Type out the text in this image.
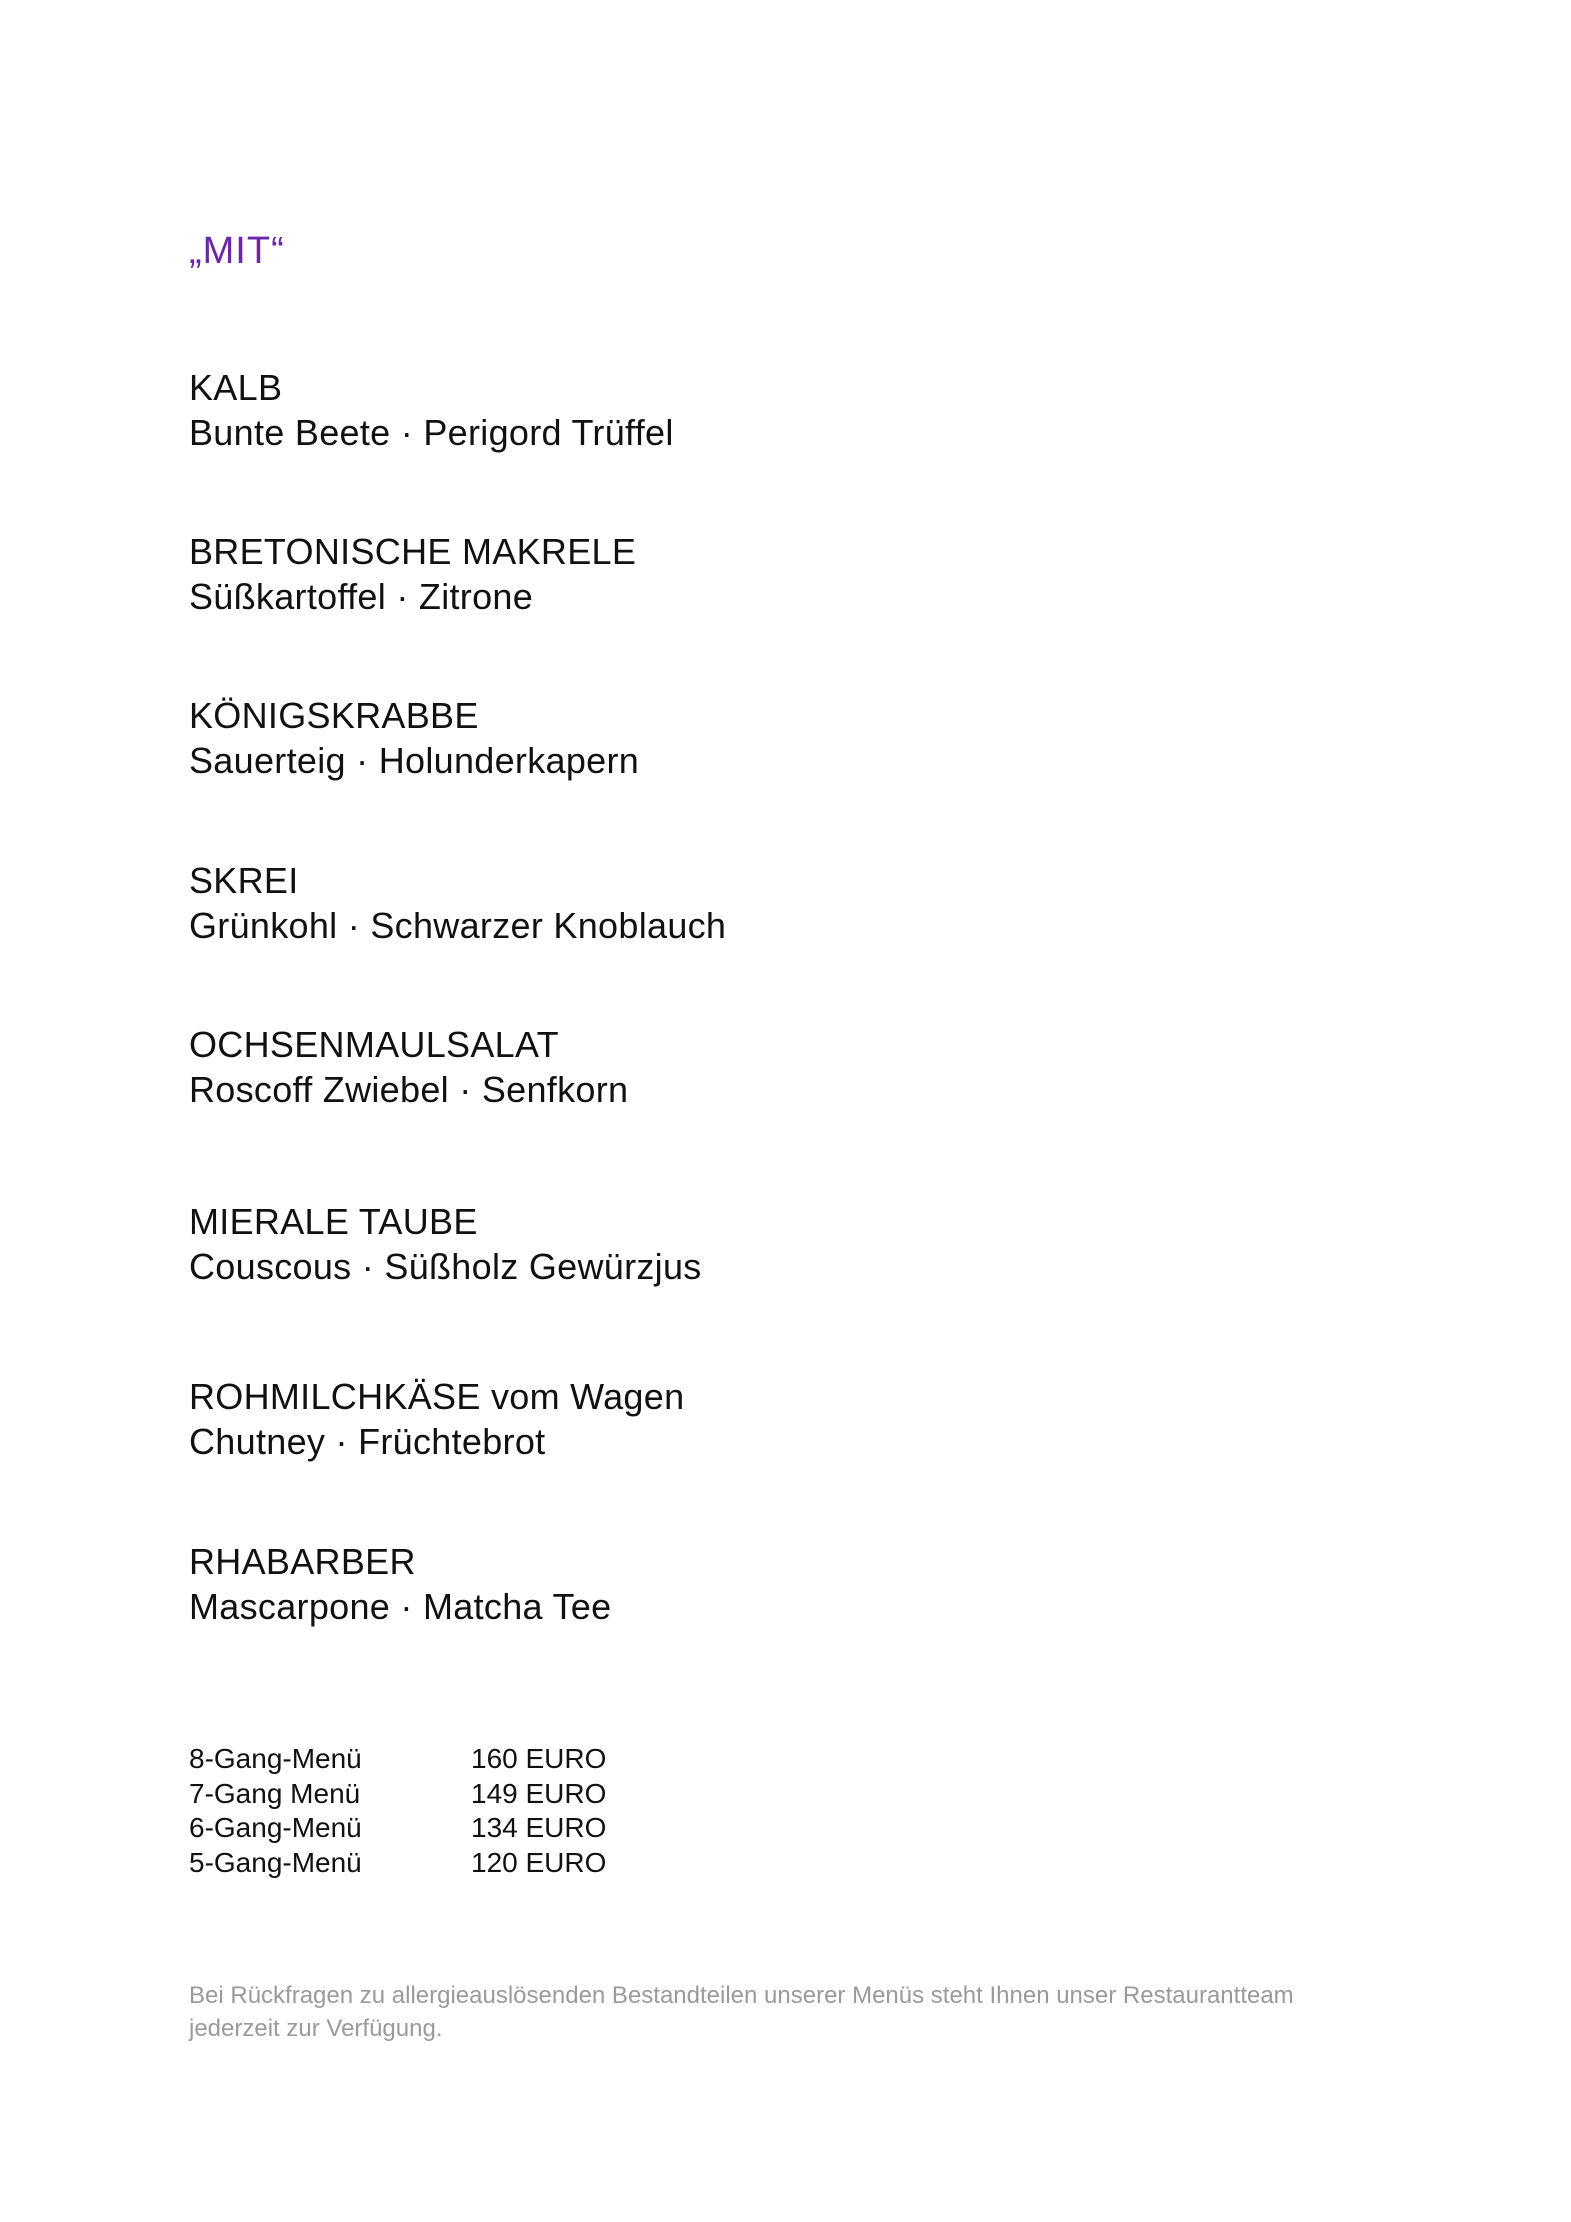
„MIT“
KALB
Bunte Beete · Perigord Trüffel
BRETONISCHE MAKRELE
Süßkartoffel · Zitrone
KÖNIGSKRABBE
Sauerteig · Holunderkapern
SKREI
Grünkohl · Schwarzer Knoblauch
OCHSENMAULSALAT
Roscoff Zwiebel · Senfkorn
MIERALE TAUBE
Couscous · Süßholz Gewürzjus
ROHMILCHKÄSE vom Wagen
Chutney · Früchtebrot
RHABARBER
Mascarpone · Matcha Tee
8-Gang-Menü	160 EURO
7-Gang Menü	149 EURO
6-Gang-Menü	134 EURO
5-Gang-Menü	120 EURO
Bei Rückfragen zu allergieauslösenden Bestandteilen unserer Menüs steht Ihnen unser Restaurantteam
jederzeit zur Verfügung.
